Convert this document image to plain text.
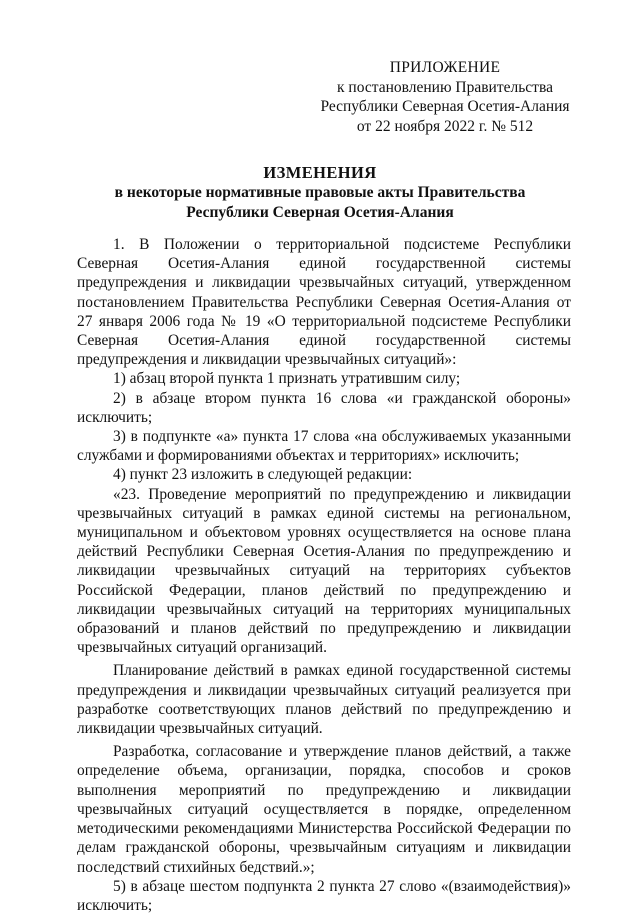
ПРИЛОЖЕНИЕ
к постановлению Правительства
Республики Северная Осетия-Алания
от 22 ноября 2022 г. № 512
ИЗМЕНЕНИЯ
в некоторые нормативные правовые акты Правительства
Республики Северная Осетия-Алания

1. В Положении о территориальной подсистеме Республики Северная Осетия-Алания единой государственной системы предупреждения и ликвидации чрезвычайных ситуаций, утвержденном постановлением Правительства Республики Северная Осетия-Алания от 27 января 2006 года № 19 «О территориальной подсистеме Республики Северная Осетия-Алания единой государственной системы предупреждения и ликвидации чрезвычайных ситуаций»:

1) абзац второй пункта 1 признать утратившим силу;

2) в абзаце втором пункта 16 слова «и гражданской обороны» исключить;

3) в подпункте «а» пункта 17 слова «на обслуживаемых указанными службами и формированиями объектах и территориях» исключить;

4) пункт 23 изложить в следующей редакции:

«23. Проведение мероприятий по предупреждению и ликвидации чрезвычайных ситуаций в рамках единой системы на региональном, муниципальном и объектовом уровнях осуществляется на основе плана действий Республики Северная Осетия-Алания по предупреждению и ликвидации чрезвычайных ситуаций на территориях субъектов Российской Федерации, планов действий по предупреждению и ликвидации чрезвычайных ситуаций на территориях муниципальных образований и планов действий по предупреждению и ликвидации чрезвычайных ситуаций организаций.

Планирование действий в рамках единой государственной системы предупреждения и ликвидации чрезвычайных ситуаций реализуется при разработке соответствующих планов действий по предупреждению и ликвидации чрезвычайных ситуаций.

Разработка, согласование и утверждение планов действий, а также определение объема, организации, порядка, способов и сроков выполнения мероприятий по предупреждению и ликвидации чрезвычайных ситуаций осуществляется в порядке, определенном методическими рекомендациями Министерства Российской Федерации по делам гражданской обороны, чрезвычайным ситуациям и ликвидации последствий стихийных бедствий.»;

5) в абзаце шестом подпункта 2 пункта 27 слово «(взаимодействия)» исключить;
